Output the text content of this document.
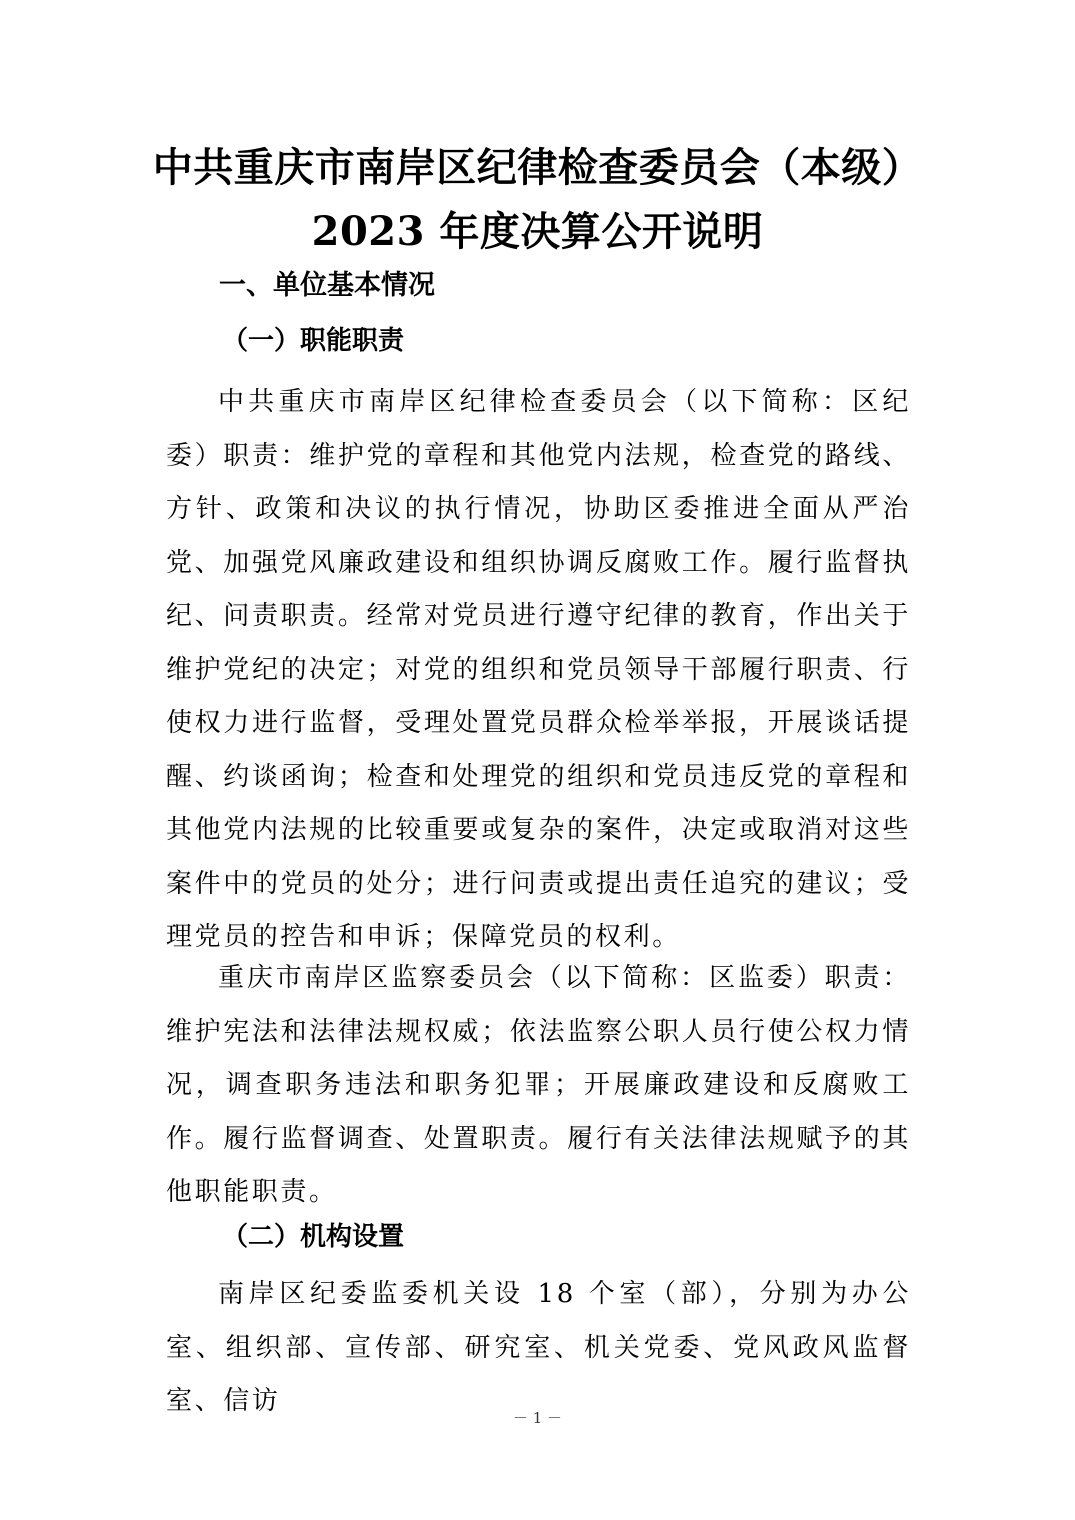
中共重庆市南岸区纪律检查委员会（本级）
2023 年度决算公开说明
一、单位基本情况
（一）职能职责

中共重庆市南岸区纪律检查委员会（以下简称：区纪委）职责：维护党的章程和其他党内法规，检查党的路线、方针、政策和决议的执行情况，协助区委推进全面从严治党、加强党风廉政建设和组织协调反腐败工作。履行监督执纪、问责职责。经常对党员进行遵守纪律的教育，作出关于维护党纪的决定；对党的组织和党员领导干部履行职责、行使权力进行监督，受理处置党员群众检举举报，开展谈话提醒、约谈函询；检查和处理党的组织和党员违反党的章程和其他党内法规的比较重要或复杂的案件，决定或取消对这些案件中的党员的处分；进行问责或提出责任追究的建议；受理党员的控告和申诉；保障党员的权利。

重庆市南岸区监察委员会（以下简称：区监委）职责：维护宪法和法律法规权威；依法监察公职人员行使公权力情况，调查职务违法和职务犯罪；开展廉政建设和反腐败工作。履行监督调查、处置职责。履行有关法律法规赋予的其他职能职责。

（二）机构设置

南岸区纪委监委机关设 18 个室（部），分别为办公室、组织部、宣传部、研究室、机关党委、党风政风监督室、信访

－ 1 －
